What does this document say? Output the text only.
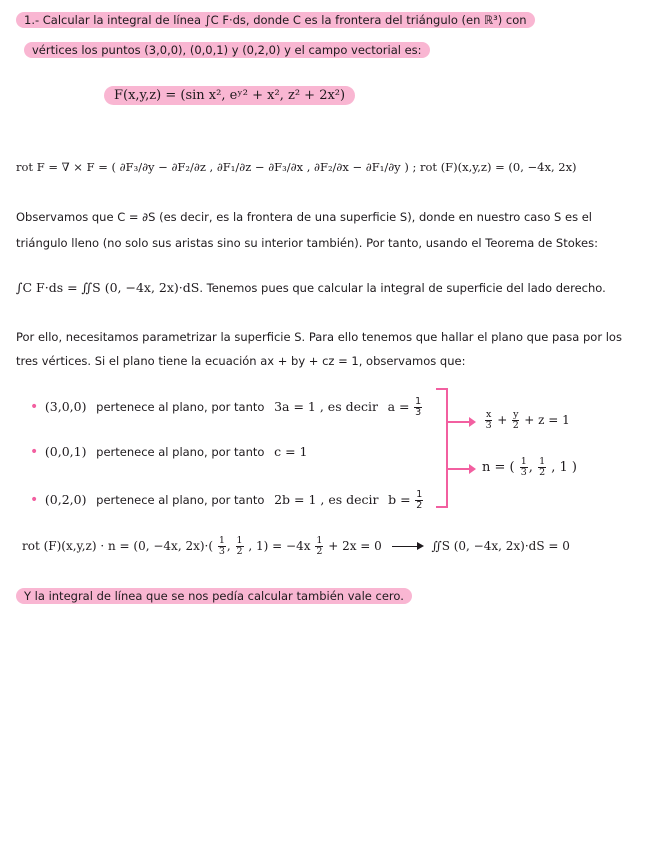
1.- Calcular la integral de línea ∫C F·ds, donde C es la frontera del triángulo (en ℝ³) con
vértices los puntos (3,0,0), (0,0,1) y (0,2,0) y el campo vectorial es:
F(x,y,z) = (sin x², eʸ² + x², z² + 2x²)
rot F = ∇ × F = ( ∂F₃/∂y − ∂F₂/∂z , ∂F₁/∂z − ∂F₃/∂x , ∂F₂/∂x − ∂F₁/∂y ) ; rot (F)(x,y,z) = (0, −4x, 2x)
Observamos que C = ∂S (es decir, es la frontera de una superficie S), donde en nuestro caso S es el
triángulo lleno (no solo sus aristas sino su interior también). Por tanto, usando el Teorema de Stokes:
∫C F·ds = ∬S (0, −4x, 2x)·dS. Tenemos pues que calcular la integral de superficie del lado derecho.
Por ello, necesitamos parametrizar la superficie S. Para ello tenemos que hallar el plano que pasa por los
tres vértices. Si el plano tiene la ecuación ax + by + cz = 1, observamos que:
• (3,0,0) pertenece al plano, por tanto 3a = 1 , es decir $a = \frac{1}{3}$
• (0,0,1) pertenece al plano, por tanto c = 1
• (0,2,0) pertenece al plano, por tanto 2b = 1 , es decir $b = \frac{1}{2}$
$\frac{x}{3} + \frac{y}{2} + z = 1$
n = ( $\frac{1}{3}$ , $\frac{1}{2}$ , 1 )
rot (F)(x,y,z) · n = (0, −4x, $2x)\cdot( \frac{1}{3}$ , $\frac{1}{2}$ , $1) = -4x \frac{1}{2} + 2x = 0$	∬S (0, −4x, 2x)·dS = 0
Y la integral de línea que se nos pedía calcular también vale cero.
